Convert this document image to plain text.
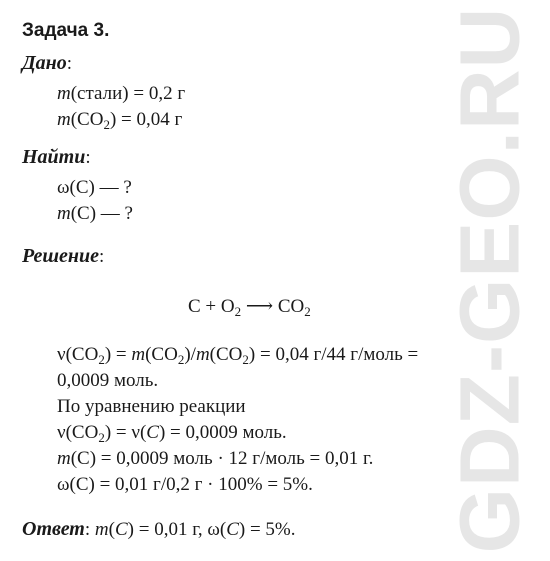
GDZ-GEO.RU
Задача 3.
Дано:
m(стали) = 0,2 г
$m(CO_2) = 0,04$ г
Найти:
ω(C) — ?
m(C) — ?
Решение:
$C + O_2$ ⟶ $CO_2$
$\nu(CO_2) = m(CO_2)/m(CO_2) = 0,04$ г/44 г/моль =
0,0009 моль.
По уравнению реакции
$\nu(CO_2) = \nu(C) = 0,0009$ моль.
m(C) = 0,0009 моль · 12 г/моль = 0,01 г.
ω(C) = 0,01 г/0,2 г · 100% = 5%.
Ответ: m(C) = 0,01 г, ω(C) = 5%.
